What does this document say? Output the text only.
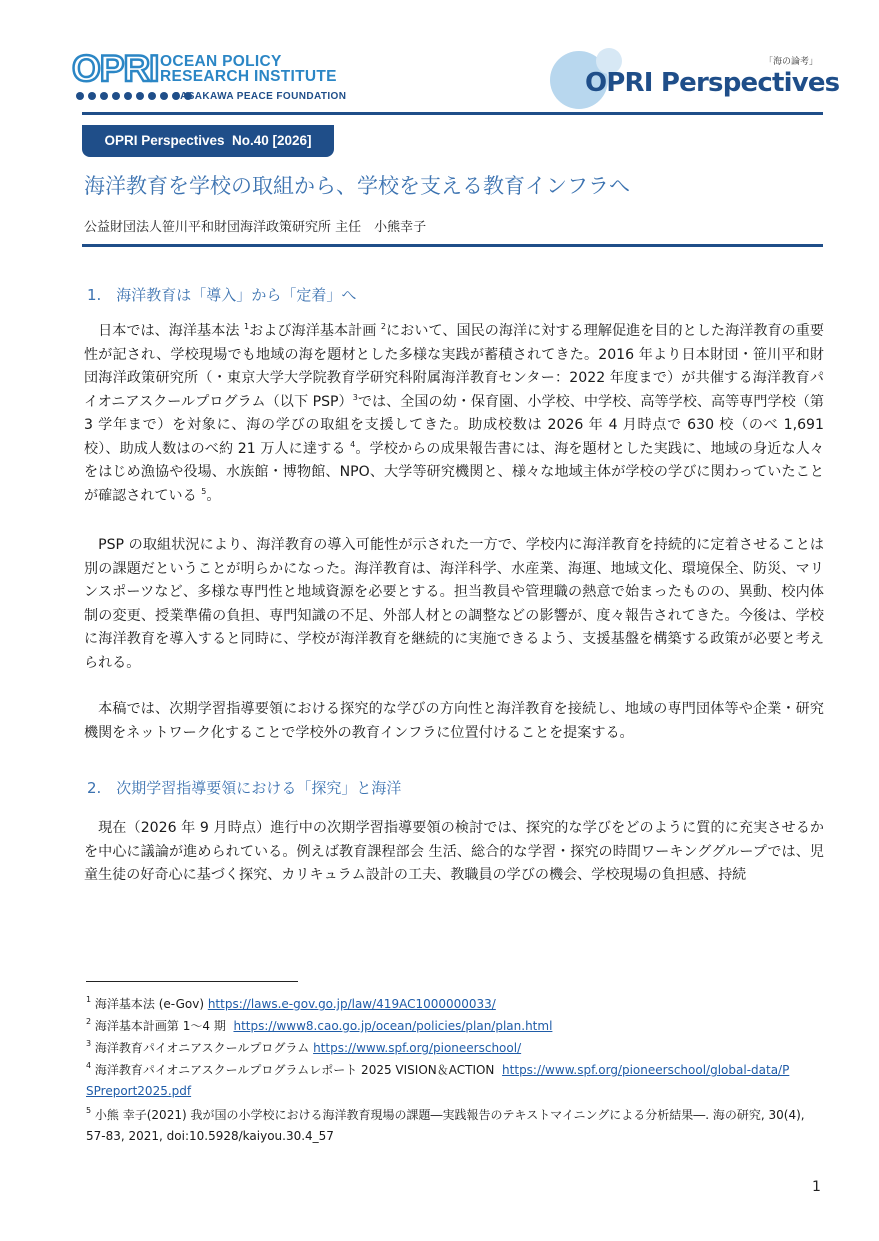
OPRI OCEAN POLICY
RESEARCH INSTITUTE
SASAKAWA PEACE FOUNDATION
「海の論考」
OPRI Perspectives
OPRI Perspectives  No.40 [2026]
海洋教育を学校の取組から、学校を支える教育インフラへ
公益財団法人笹川平和財団海洋政策研究所 主任　小熊幸子
1.　海洋教育は「導入」から「定着」へ

日本では、海洋基本法 $^1$および海洋基本計画 $^2$において、国民の海洋に対する理解促進を目的とした海洋教育の重要性が記され、学校現場でも地域の海を題材とした多様な実践が蓄積されてきた。2016 年より日本財団・笹川平和財団海洋政策研究所（・東京大学大学院教育学研究科附属海洋教育センター：2022 年度まで）が共催する海洋教育パイオニアスクールプログラム（以下 PSP）$^3$では、全国の幼・保育園、小学校、中学校、高等学校、高等専門学校（第 3 学年まで）を対象に、海の学びの取組を支援してきた。助成校数は 2026 年 4 月時点で 630 校（のべ 1,691 校）、助成人数はのべ約 21 万人に達する $^4$。学校からの成果報告書には、海を題材とした実践に、地域の身近な人々をはじめ漁協や役場、水族館・博物館、NPO、大学等研究機関と、様々な地域主体が学校の学びに関わっていたことが確認されている $^5$。

PSP の取組状況により、海洋教育の導入可能性が示された一方で、学校内に海洋教育を持続的に定着させることは別の課題だということが明らかになった。海洋教育は、海洋科学、水産業、海運、地域文化、環境保全、防災、マリンスポーツなど、多様な専門性と地域資源を必要とする。担当教員や管理職の熱意で始まったものの、異動、校内体制の変更、授業準備の負担、専門知識の不足、外部人材との調整などの影響が、度々報告されてきた。今後は、学校に海洋教育を導入すると同時に、学校が海洋教育を継続的に実施できるよう、支援基盤を構築する政策が必要と考えられる。

本稿では、次期学習指導要領における探究的な学びの方向性と海洋教育を接続し、地域の専門団体等や企業・研究機関をネットワーク化することで学校外の教育インフラに位置付けることを提案する。

2.　次期学習指導要領における「探究」と海洋

現在（2026 年 9 月時点）進行中の次期学習指導要領の検討では、探究的な学びをどのように質的に充実させるかを中心に議論が進められている。例えば教育課程部会 生活、総合的な学習・探究の時間ワーキンググループでは、児童生徒の好奇心に基づく探究、カリキュラム設計の工夫、教職員の学びの機会、学校現場の負担感、持続

$^1$ 海洋基本法 (e-Gov) https://laws.e-gov.go.jp/law/419AC1000000033/
$^2$ 海洋基本計画第 1～4 期 https://www8.cao.go.jp/ocean/policies/plan/plan.html
$^3$ 海洋教育パイオニアスクールプログラム https://www.spf.org/pioneerschool/
$^4$ 海洋教育パイオニアスクールプログラムレポート 2025 VISION＆ACTION https://www.spf.org/pioneerschool/global-data/P
SPreport2025.pdf
$^5$ 小熊 幸子(2021) 我が国の小学校における海洋教育現場の課題―実践報告のテキストマイニングによる分析結果―. 海の研究, 30(4),
57-83, 2021, doi:10.5928/kaiyou.30.4_57
1
